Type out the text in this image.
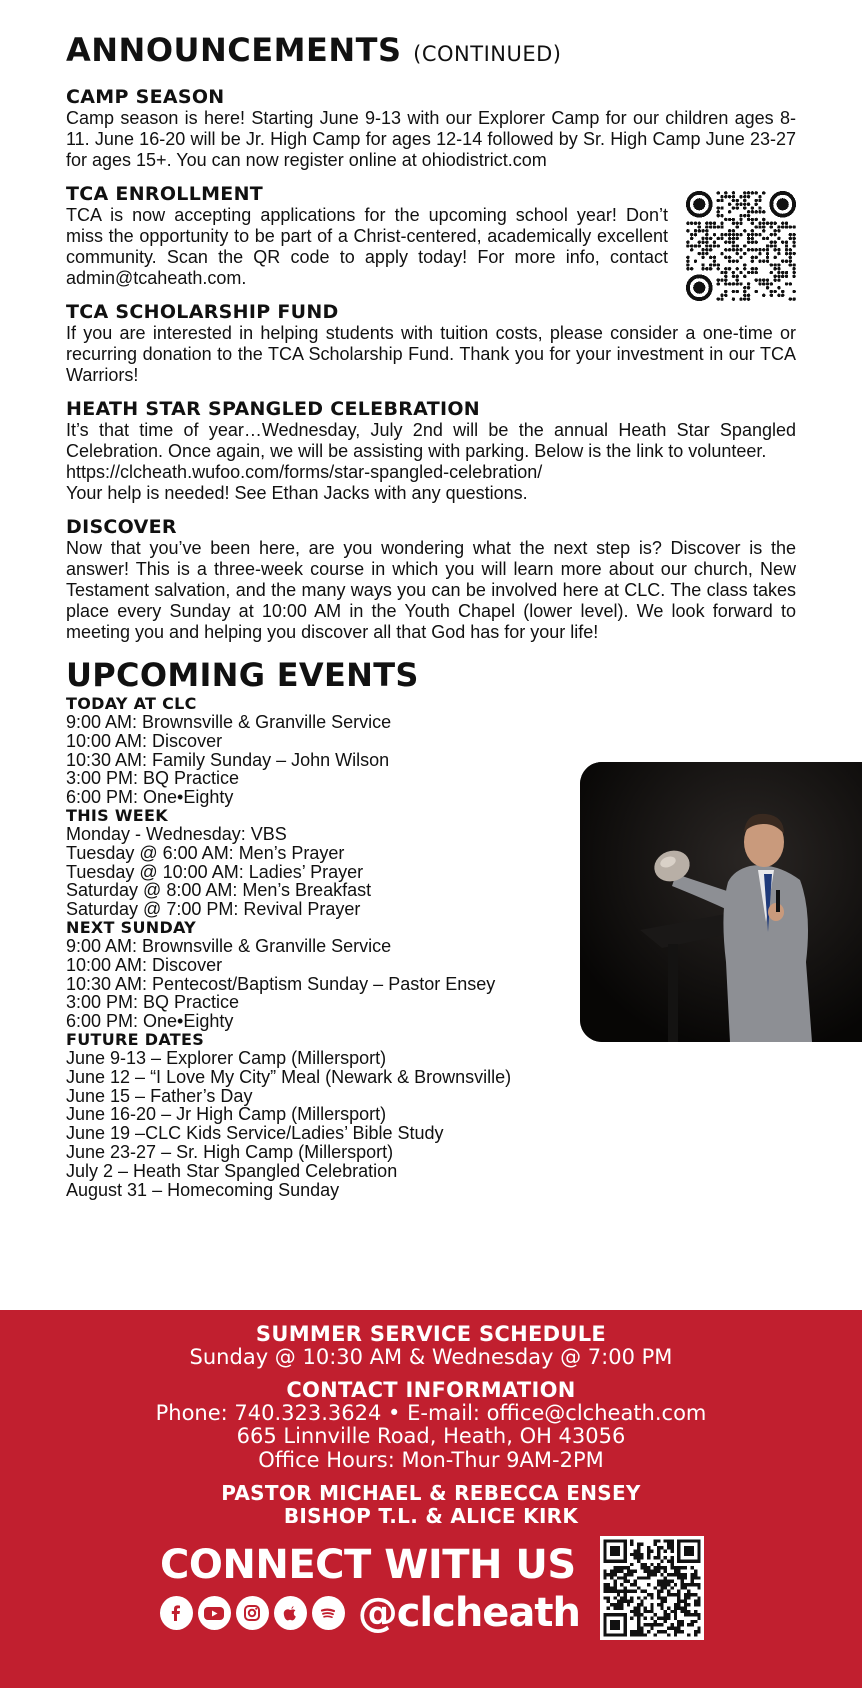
ANNOUNCEMENTS (CONTINUED)
CAMP SEASON
Camp season is here! Starting June 9-13 with our Explorer Camp for our children ages 8-11. June 16-20 will be Jr. High Camp for ages 12-14 followed by Sr. High Camp June 23-27 for ages 15+. You can now register online at ohiodistrict.com
TCA ENROLLMENT
TCA is now accepting applications for the upcoming school year! Don’t miss the opportunity to be part of a Christ-centered, academically excellent community. Scan the QR code to apply today! For more info, contact admin@tcaheath.com.
TCA SCHOLARSHIP FUND
If you are interested in helping students with tuition costs, please consider a one-time or recurring donation to the TCA Scholarship Fund. Thank you for your investment in our TCA Warriors!
HEATH STAR SPANGLED CELEBRATION

It’s that time of year…Wednesday, July 2nd will be the annual Heath Star Spangled Celebration. Once again, we will be assisting with parking. Below is the link to volunteer.

https://clcheath.wufoo.com/forms/star-spangled-celebration/

Your help is needed! See Ethan Jacks with any questions.

DISCOVER
Now that you’ve been here, are you wondering what the next step is? Discover is the answer! This is a three-week course in which you will learn more about our church, New Testament salvation, and the many ways you can be involved here at CLC. The class takes place every Sunday at 10:00 AM in the Youth Chapel (lower level). We look forward to meeting you and helping you discover all that God has for your life!
UPCOMING EVENTS
TODAY AT CLC
9:00 AM: Brownsville & Granville Service
10:00 AM: Discover
10:30 AM: Family Sunday – John Wilson
3:00 PM: BQ Practice
6:00 PM: One•Eighty
THIS WEEK
Monday - Wednesday: VBS
Tuesday @ 6:00 AM: Men’s Prayer
Tuesday @ 10:00 AM: Ladies’ Prayer
Saturday @ 8:00 AM: Men’s Breakfast
Saturday @ 7:00 PM: Revival Prayer
NEXT SUNDAY
9:00 AM: Brownsville & Granville Service
10:00 AM: Discover
10:30 AM: Pentecost/Baptism Sunday – Pastor Ensey
3:00 PM: BQ Practice
6:00 PM: One•Eighty
FUTURE DATES
June 9-13 – Explorer Camp (Millersport)
June 12 – “I Love My City” Meal (Newark & Brownsville)
June 15 – Father’s Day
June 16-20 – Jr High Camp (Millersport)
June 19 –CLC Kids Service/Ladies’ Bible Study
June 23-27 – Sr. High Camp (Millersport)
July 2 – Heath Star Spangled Celebration
August 31 – Homecoming Sunday
SUMMER SERVICE SCHEDULE
Sunday @ 10:30 AM & Wednesday @ 7:00 PM
CONTACT INFORMATION
Phone: 740.323.3624 • E-mail: office@clcheath.com
665 Linnville Road, Heath, OH 43056
Office Hours: Mon-Thur 9AM-2PM
PASTOR MICHAEL & REBECCA ENSEY
BISHOP T.L. & ALICE KIRK
CONNECT WITH US
@clcheath
